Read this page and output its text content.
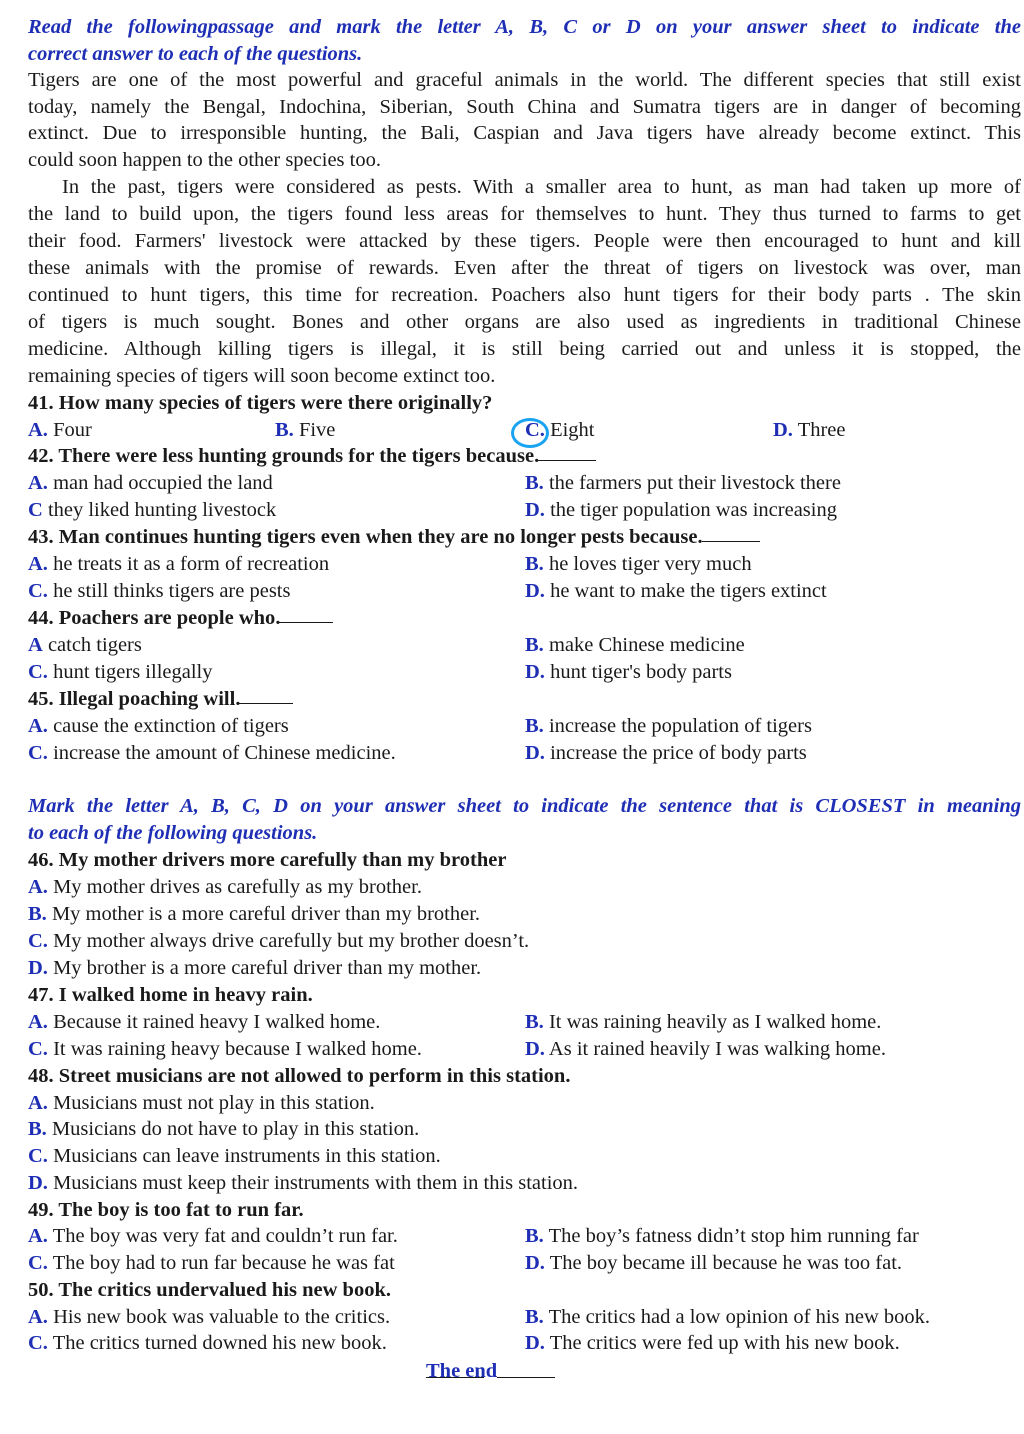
Read the followingpassage and mark the letter A, B, C or D on your answer sheet to indicate the
correct answer to each of the questions.
Tigers are one of the most powerful and graceful animals in the world. The different species that still exist
today, namely the Bengal, Indochina, Siberian, South China and Sumatra tigers are in danger of becoming
extinct. Due to irresponsible hunting, the Bali, Caspian and Java tigers have already become extinct. This
could soon happen to the other species too.
In the past, tigers were considered as pests. With a smaller area to hunt, as man had taken up more of
the land to build upon, the tigers found less areas for themselves to hunt. They thus turned to farms to get
their food. Farmers' livestock were attacked by these tigers. People were then encouraged to hunt and kill
these animals with the promise of rewards. Even after the threat of tigers on livestock was over, man
continued to hunt tigers, this time for recreation. Poachers also hunt tigers for their body parts . The skin
of tigers is much sought. Bones and other organs are also used as ingredients in traditional Chinese
medicine. Although killing tigers is illegal, it is still being carried out and unless it is stopped, the
remaining species of tigers will soon become extinct too.
41. How many species of tigers were there originally?
A. Four	B. Five	C. Eight	D. Three
42. There were less hunting grounds for the tigers because
.
A. man had occupied the land	B. the farmers put their livestock there
C they liked hunting livestock	D. the tiger population was increasing
43. Man continues hunting tigers even when they are no longer pests because
.
A. he treats it as a form of recreation	B. he loves tiger very much
C. he still thinks tigers are pests	D. he want to make the tigers extinct
44. Poachers are people who
.
A catch tigers	B. make Chinese medicine
C. hunt tigers illegally	D. hunt tiger's body parts
45. Illegal poaching will
.
A. cause the extinction of tigers	B. increase the population of tigers
C. increase the amount of Chinese medicine.	D. increase the price of body parts
Mark the letter A, B, C, D on your answer sheet to indicate the sentence that is CLOSEST in meaning
to each of the following questions.
46. My mother drivers more carefully than my brother
A. My mother drives as carefully as my brother.
B. My mother is a more careful driver than my brother.
C. My mother always drive carefully but my brother doesn’t.
D. My brother is a more careful driver than my mother.
47. I walked home in heavy rain.
A. Because it rained heavy I walked home.	B. It was raining heavily as I walked home.
C. It was raining heavy because I walked home.	D. As it rained heavily I was walking home.
48. Street musicians are not allowed to perform in this station.
A. Musicians must not play in this station.
B. Musicians do not have to play in this station.
C. Musicians can leave instruments in this station.
D. Musicians must keep their instruments with them in this station.
49. The boy is too fat to run far.
A. The boy was very fat and couldn’t run far.	B. The boy’s fatness didn’t stop him running far
C. The boy had to run far because he was fat	D. The boy became ill because he was too fat.
50. The critics undervalued his new book.
A. His new book was valuable to the critics.	B. The critics had a low opinion of his new book.
C. The critics turned downed his new book.	D. The critics were fed up with his new book.
The end
